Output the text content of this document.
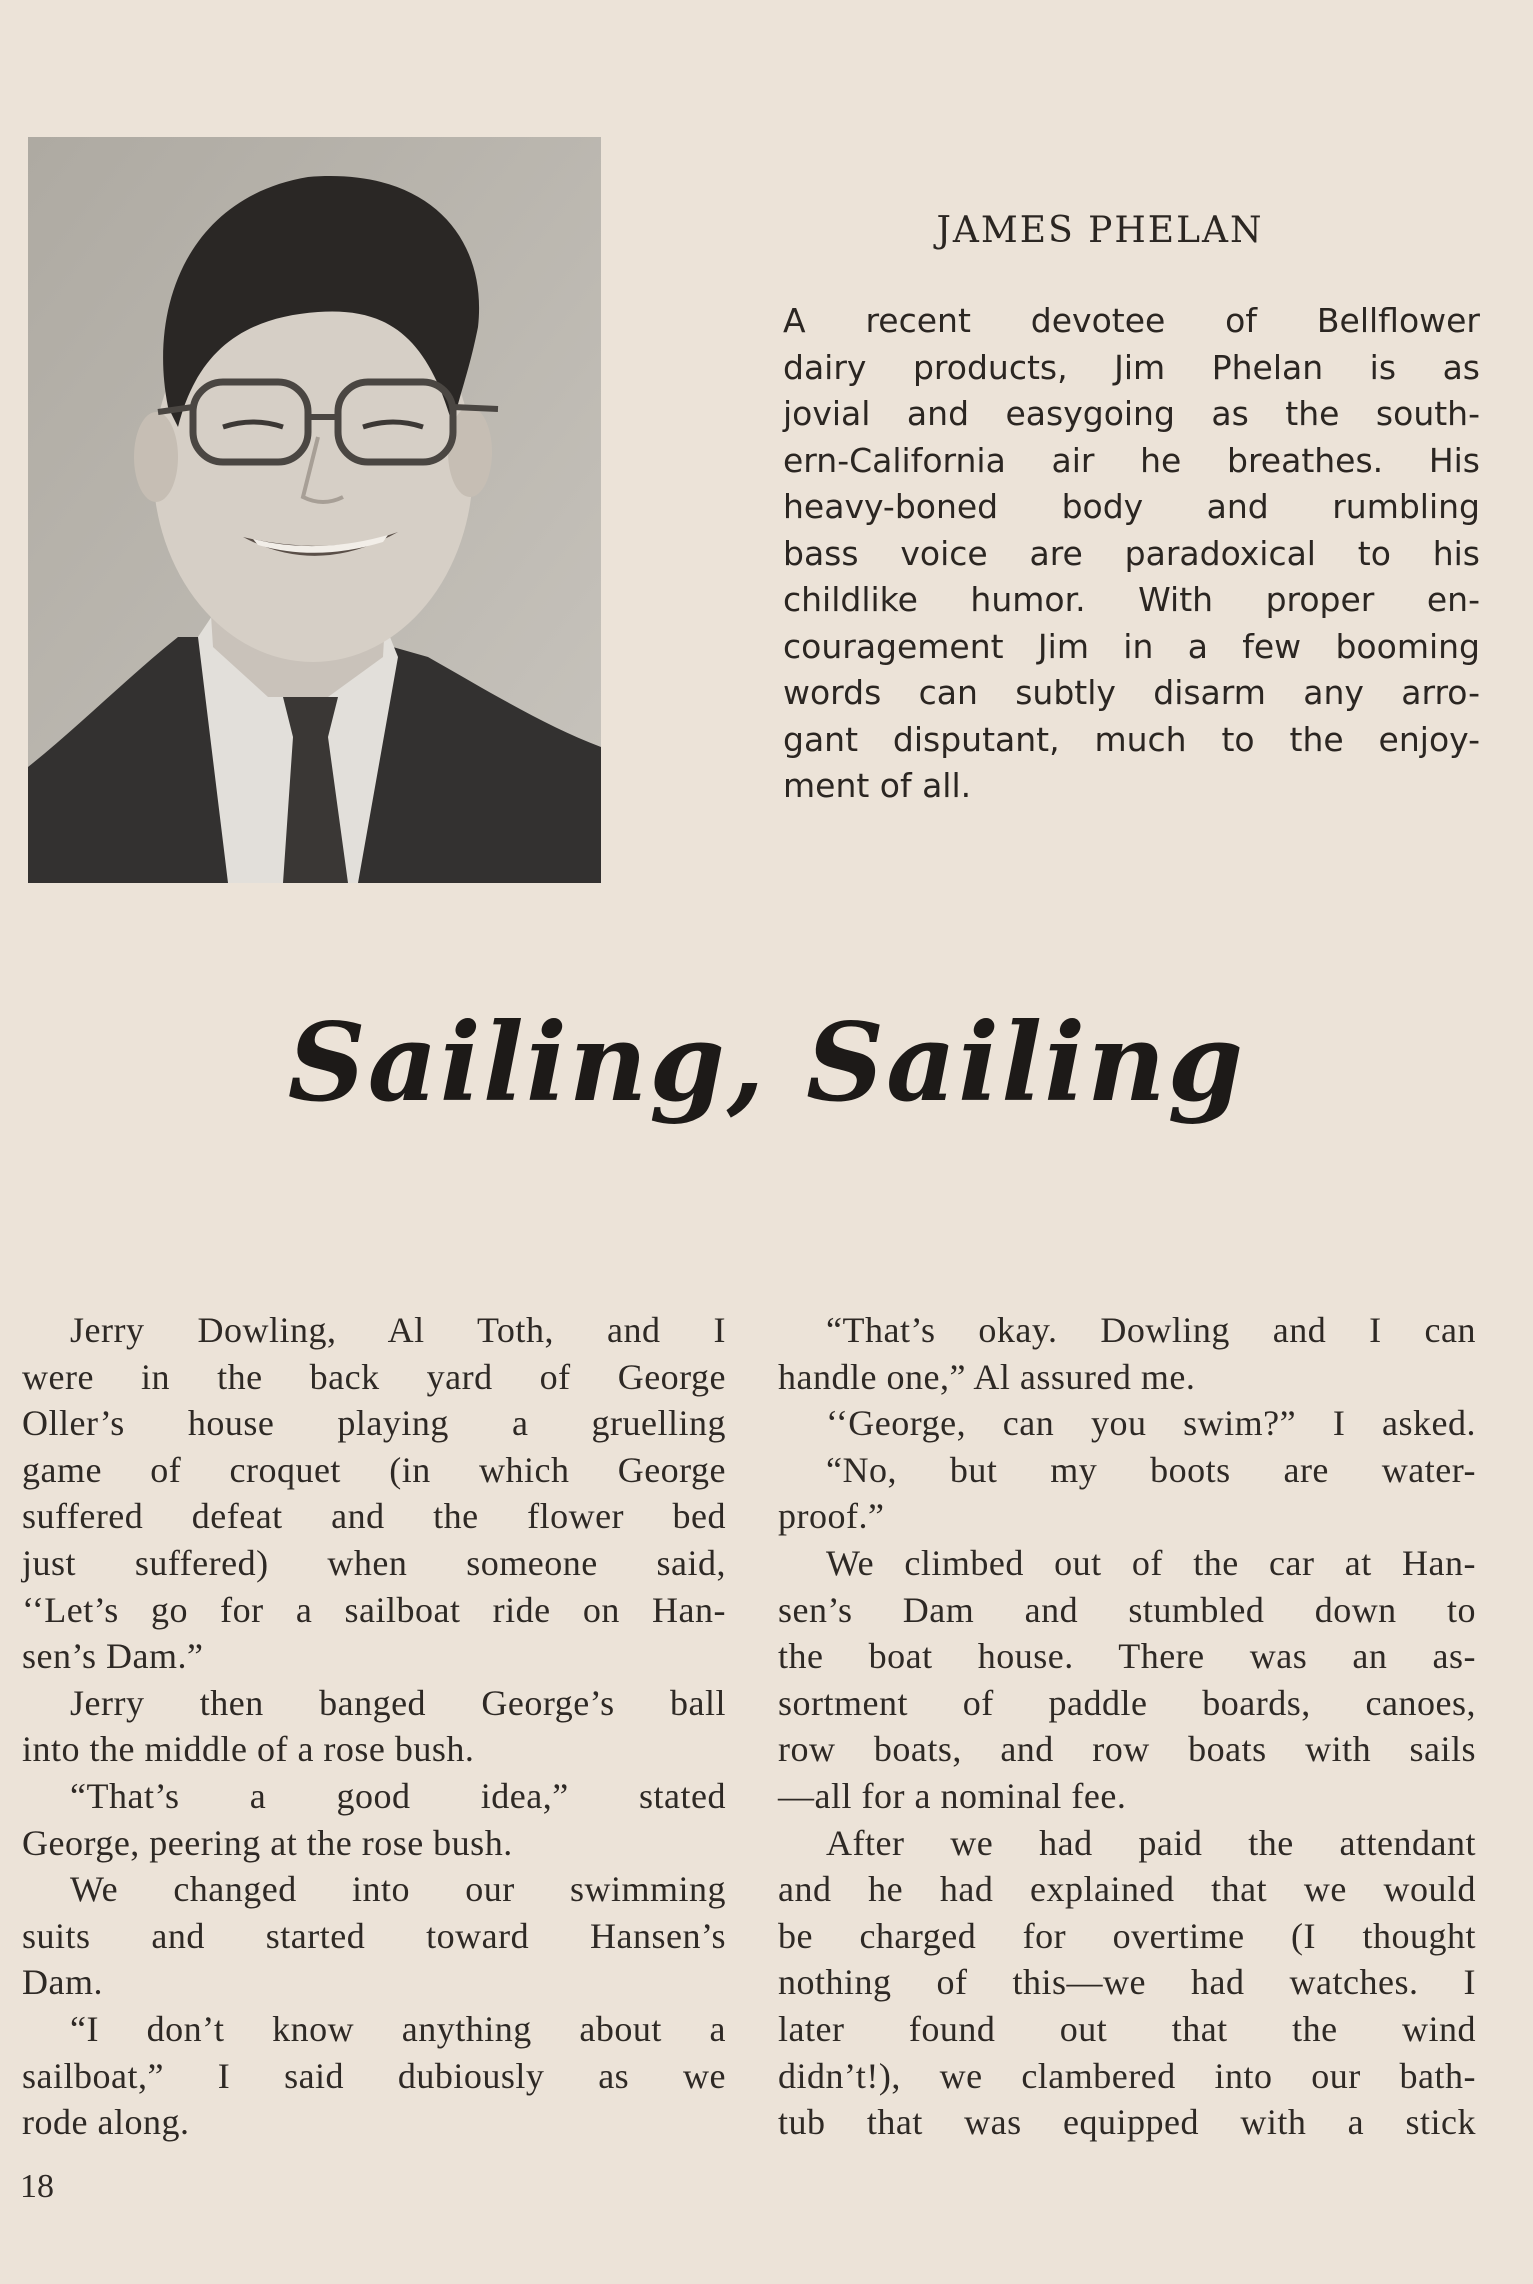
JAMES PHELAN

A recent devotee of Bellflower
dairy products, Jim Phelan is as
jovial and easygoing as the south-
ern-California air he breathes. His
heavy-boned body and rumbling
bass voice are paradoxical to his
childlike humor. With proper en-
couragement Jim in a few booming
words can subtly disarm any arro-
gant disputant, much to the enjoy-
ment of all.

Sailing, Sailing
Jerry Dowling, Al Toth, and I
were in the back yard of George
Oller’s house playing a gruelling
game of croquet (in which George
suffered defeat and the flower bed
just suffered) when someone said,
‘‘Let’s go for a sailboat ride on Han-
sen’s Dam.”
Jerry then banged George’s ball
into the middle of a rose bush.
“That’s a good idea,” stated
George, peering at the rose bush.
We changed into our swimming
suits and started toward Hansen’s
Dam.
“I don’t know anything about a
sailboat,” I said dubiously as we
rode along.
“That’s okay. Dowling and I can
handle one,” Al assured me.
‘‘George, can you swim?” I asked.
“No, but my boots are water-
proof.”
We climbed out of the car at Han-
sen’s Dam and stumbled down to
the boat house. There was an as-
sortment of paddle boards, canoes,
row boats, and row boats with sails
—all for a nominal fee.
After we had paid the attendant
and he had explained that we would
be charged for overtime (I thought
nothing of this—we had watches. I
later found out that the wind
didn’t!), we clambered into our bath-
tub that was equipped with a stick
18
